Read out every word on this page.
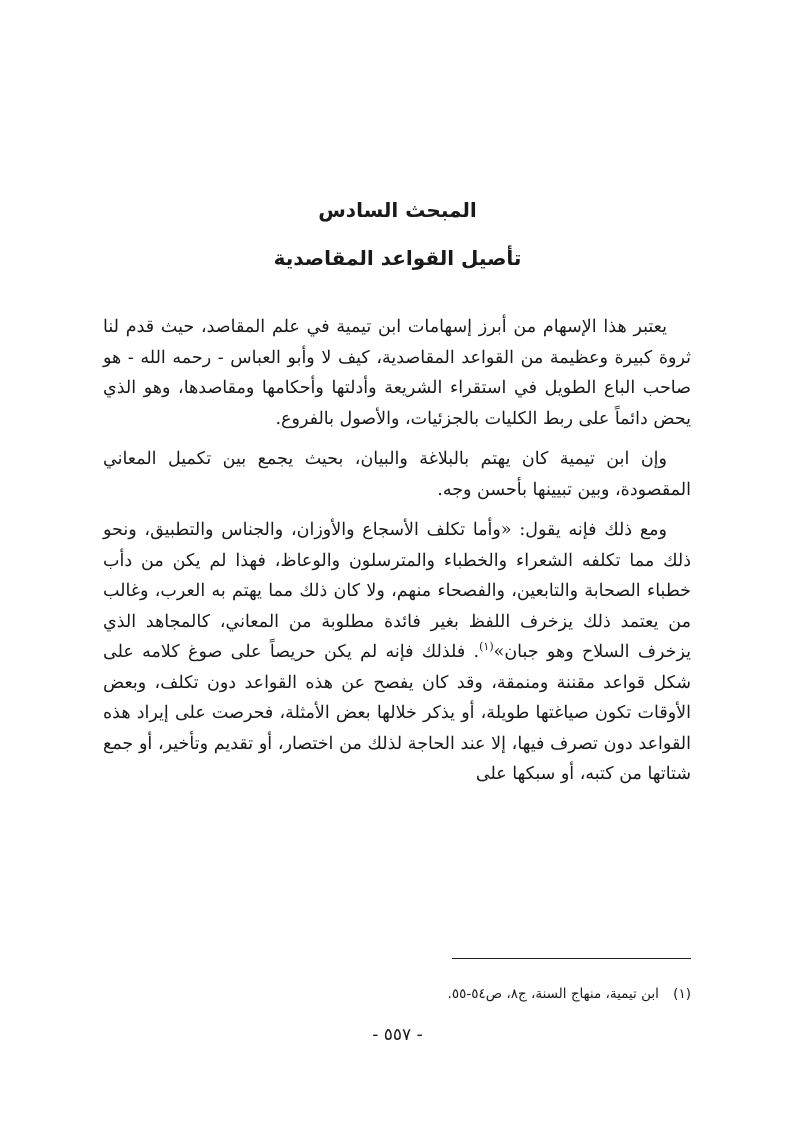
المبحث السادس
تأصيل القواعد المقاصدية

يعتبر هذا الإسهام من أبرز إسهامات ابن تيمية في علم المقاصد، حيث قدم لنا ثروة كبيرة وعظيمة من القواعد المقاصدية، كيف لا وأبو العباس - رحمه الله - هو صاحب الباع الطويل في استقراء الشريعة وأدلتها وأحكامها ومقاصدها، وهو الذي يحض دائماً على ربط الكليات بالجزئيات، والأصول بالفروع.

وإن ابن تيمية كان يهتم بالبلاغة والبيان، بحيث يجمع بين تكميل المعاني المقصودة، وبين تبيينها بأحسن وجه.

ومع ذلك فإنه يقول: «وأما تكلف الأسجاع والأوزان، والجناس والتطبيق، ونحو ذلك مما تكلفه الشعراء والخطباء والمترسلون والوعاظ، فهذا لم يكن من دأب خطباء الصحابة والتابعين، والفصحاء منهم، ولا كان ذلك مما يهتم به العرب، وغالب من يعتمد ذلك يزخرف اللفظ بغير فائدة مطلوبة من المعاني، كالمجاهد الذي يزخرف السلاح وهو جبان»$^{(١)}$. فلذلك فإنه لم يكن حريصاً على صوغ كلامه على شكل قواعد مقننة ومنمقة، وقد كان يفصح عن هذه القواعد دون تكلف، وبعض الأوقات تكون صياغتها طويلة، أو يذكر خلالها بعض الأمثلة، فحرصت على إيراد هذه القواعد دون تصرف فيها، إلا عند الحاجة لذلك من اختصار، أو تقديم وتأخير، أو جمع شتاتها من كتبه، أو سبكها على

(١) ابن تيمية، منهاج السنة، ج٨، ص٥٤-٥٥.
- ٥٥٧ -
